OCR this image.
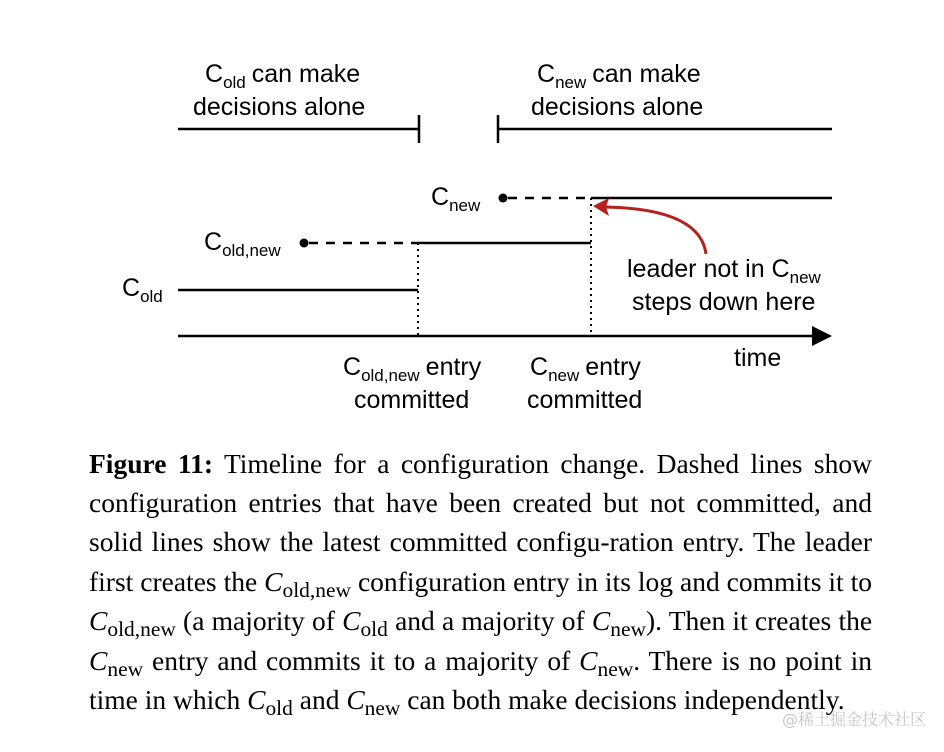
$C_{old}$ can make
decisions alone
$C_{new}$ can make
decisions alone
$C_{new}$
$C_{old,new}$
$C_{old}$
time
leader not in $C_{new}$
steps down here
$C_{old,new}$ entry
committed
$C_{new}$ entry
committed

Figure 11: Timeline for a configuration change. Dashed lines show configuration entries that have been created but not committed, and solid lines show the latest committed configu-ration entry. The leader first creates the $C_{old,new}$ configuration entry in its log and commits it to $C_{old,new}$ (a majority of $C_{old}$ and a majority of $C_{new}$). Then it creates the $C_{new}$ entry and commits it to a majority of $C_{new}$. There is no point in time in which $C_{old}$ and $C_{new}$ can both make decisions independently.

@稀土掘金技术社区
